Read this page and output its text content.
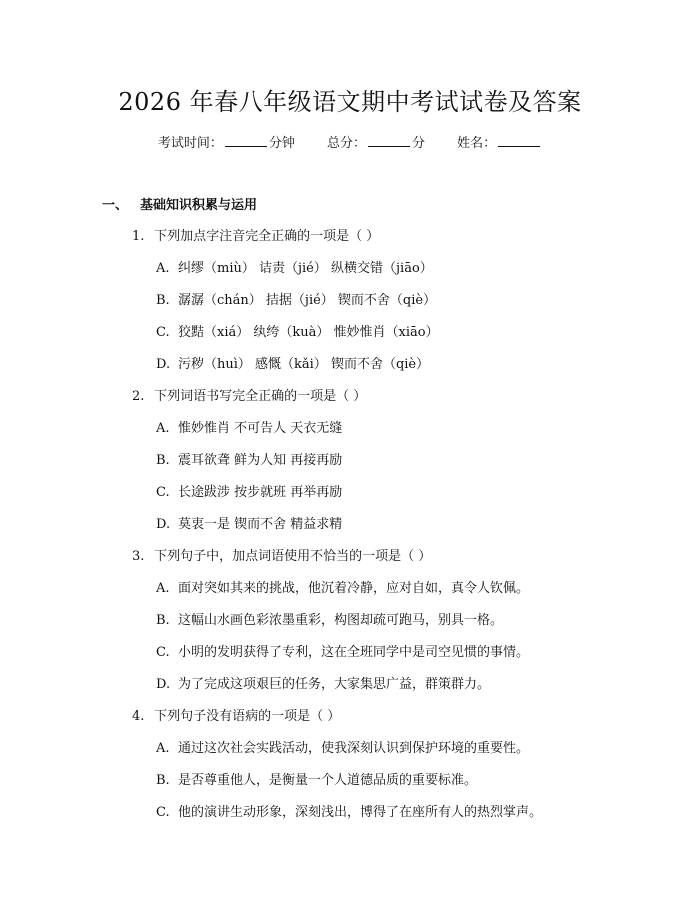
2026 年春八年级语文期中考试试卷及答案
考试时间：	分钟 总分：	分 姓名：
一、 基础知识积累与运用
1. 下列加点字注音完全正确的一项是（ ）
A. 纠缪（miù） 诘责（jié） 纵横交错（jiāo）
B. 潺潺（chán） 拮据（jié） 锲而不舍（qiè）
C. 狡黠（xiá） 纨绔（kuà） 惟妙惟肖（xiāo）
D. 污秽（huì） 感慨（kǎi） 锲而不舍（qiè）
2. 下列词语书写完全正确的一项是（ ）
A. 惟妙惟肖 不可告人 天衣无缝
B. 震耳欲聋 鲜为人知 再接再励
C. 长途跋涉 按步就班 再举再励
D. 莫衷一是 锲而不舍 精益求精
3. 下列句子中，加点词语使用不恰当的一项是（ ）
A. 面对突如其来的挑战，他沉着冷静，应对自如，真令人钦佩。
B. 这幅山水画色彩浓墨重彩，构图却疏可跑马，别具一格。
C. 小明的发明获得了专利，这在全班同学中是司空见惯的事情。
D. 为了完成这项艰巨的任务，大家集思广益，群策群力。
4. 下列句子没有语病的一项是（ ）
A. 通过这次社会实践活动，使我深刻认识到保护环境的重要性。
B. 是否尊重他人，是衡量一个人道德品质的重要标准。
C. 他的演讲生动形象，深刻浅出，博得了在座所有人的热烈掌声。
